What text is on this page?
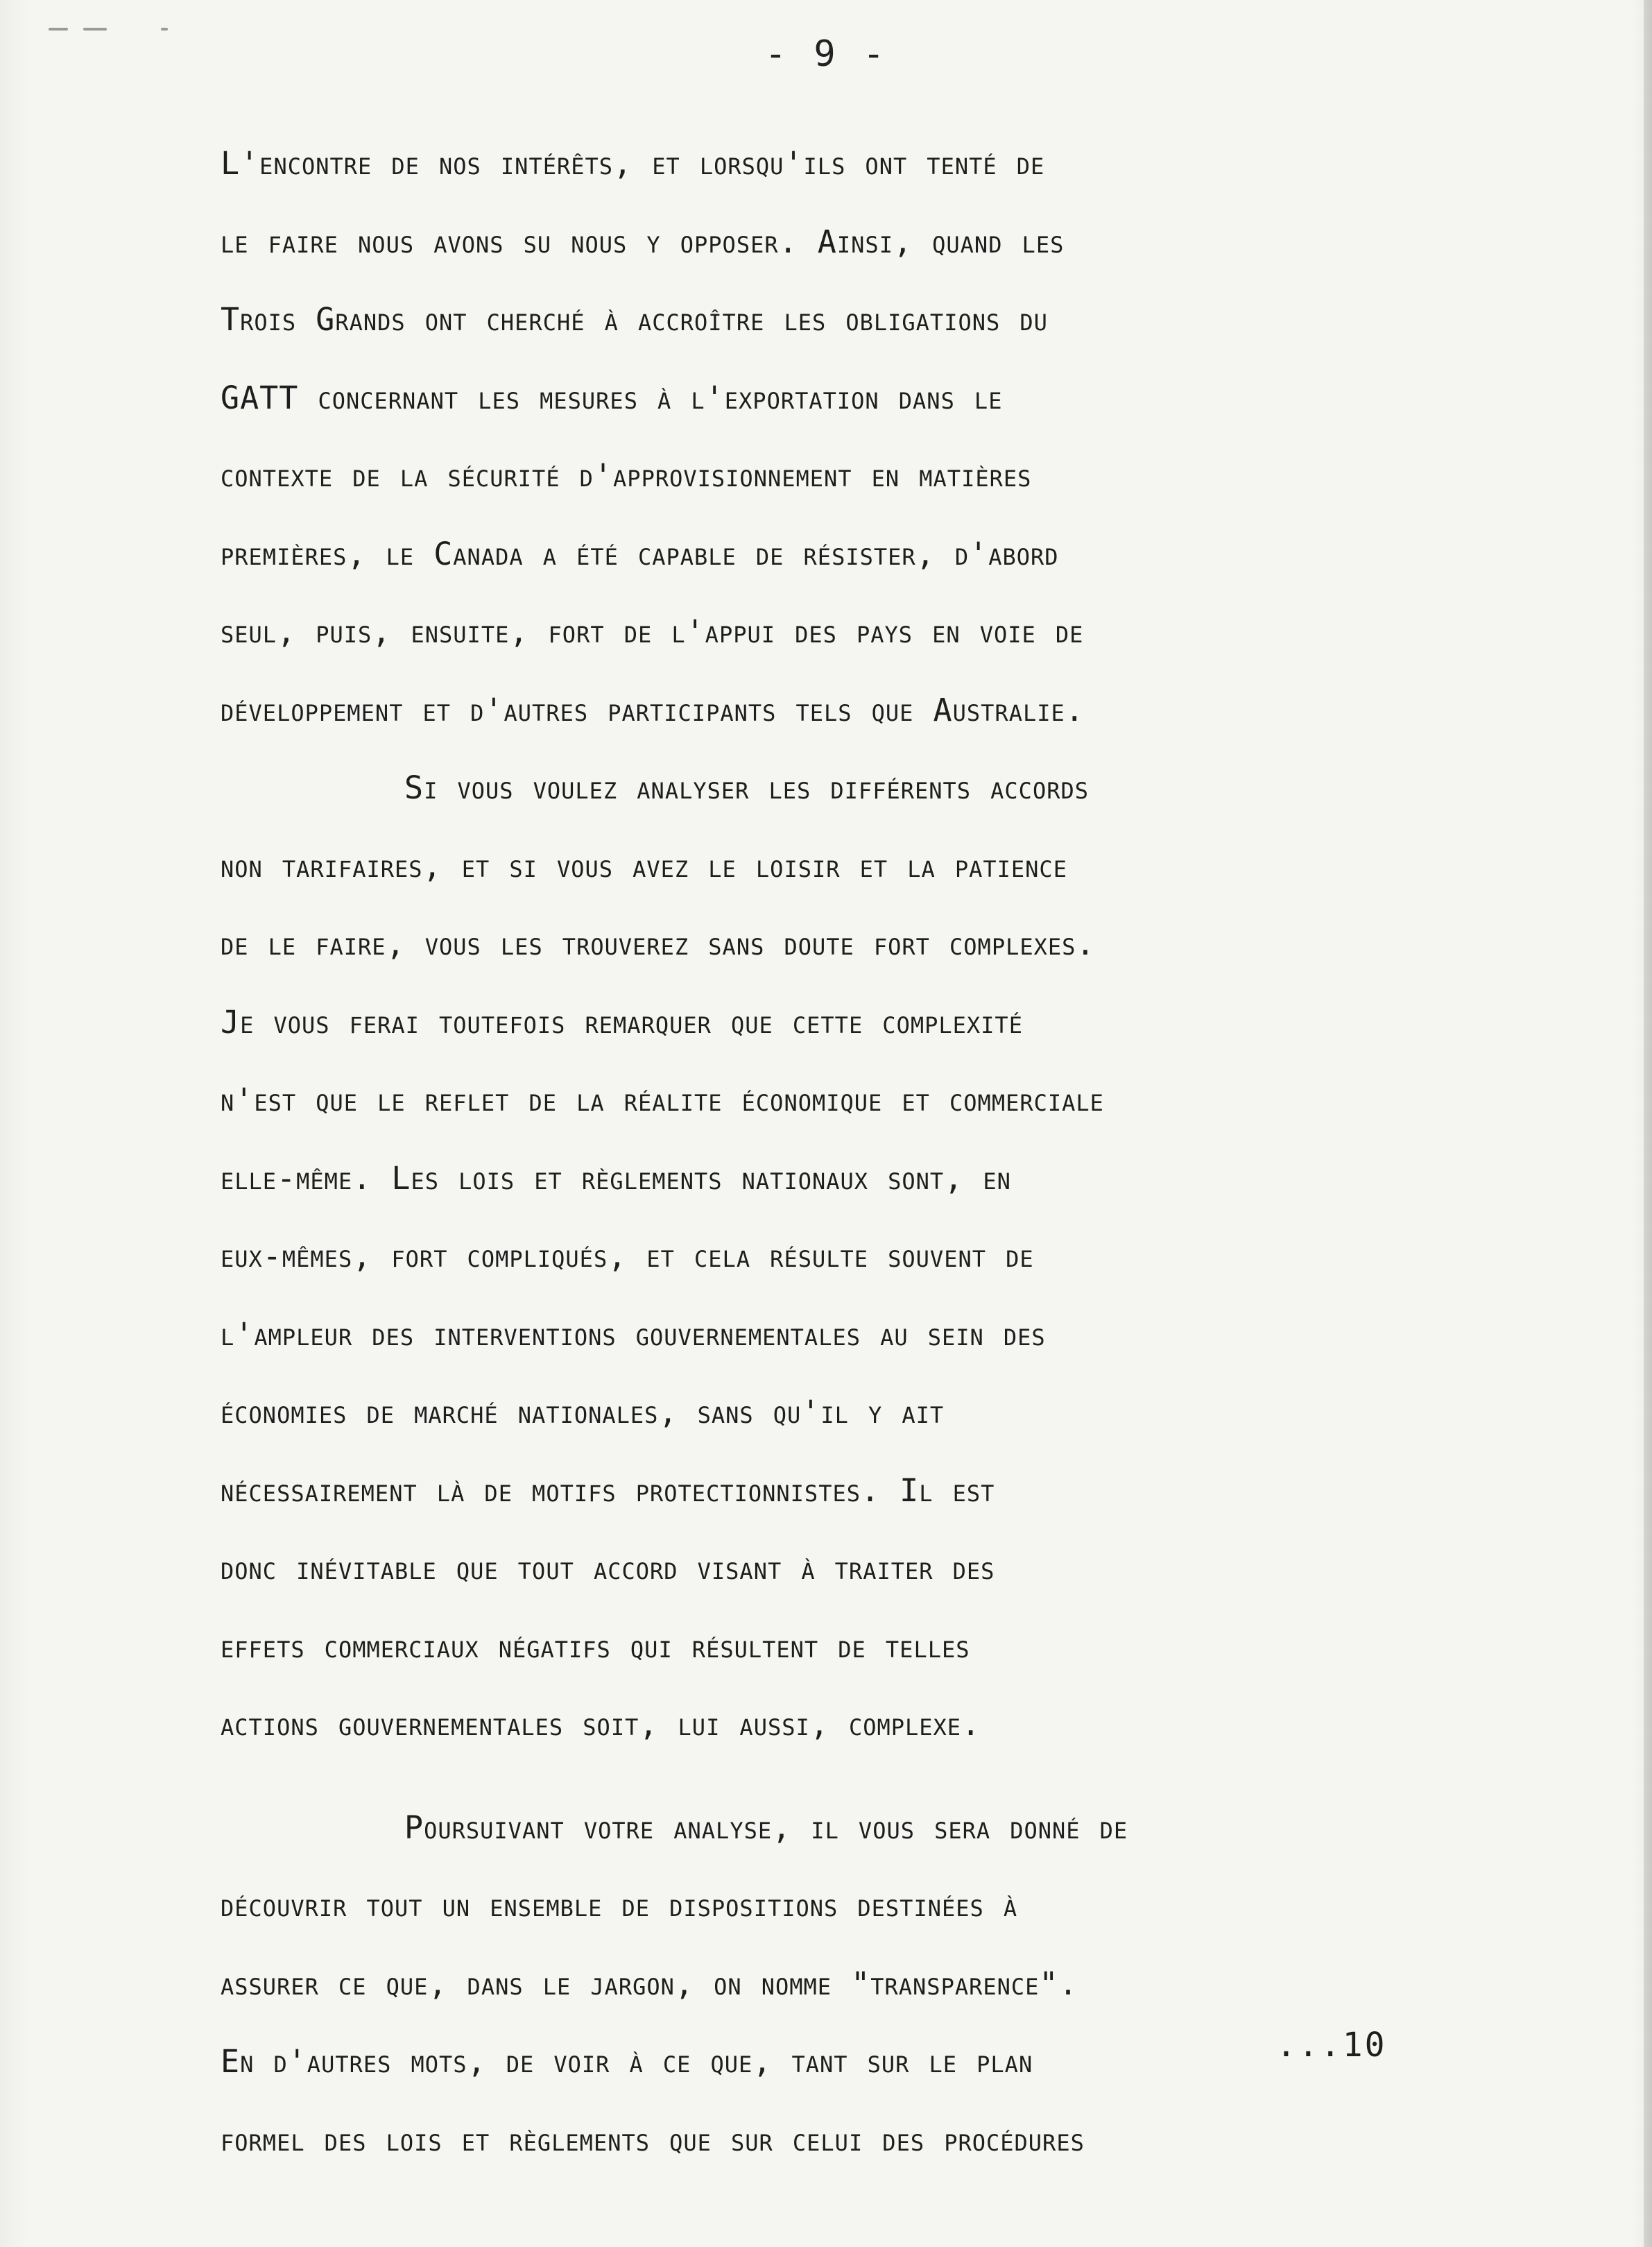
- 9 -
L'encontre de nos intérêts, et lorsqu'ils ont tenté de
le faire nous avons su nous y opposer. Ainsi, quand les
Trois Grands ont cherché à accroître les obligations du
GATT concernant les mesures à l'exportation dans le
contexte de la sécurité d'approvisionnement en matières
premières, le Canada a été capable de résister, d'abord
seul, puis, ensuite, fort de l'appui des pays en voie de
développement et d'autres participants tels que Australie.
Si vous voulez analyser les différents accords
non tarifaires, et si vous avez le loisir et la patience
de le faire, vous les trouverez sans doute fort complexes.
Je vous ferai toutefois remarquer que cette complexité
n'est que le reflet de la réalite économique et commerciale
elle-même. Les lois et règlements nationaux sont, en
eux-mêmes, fort compliqués, et cela résulte souvent de
l'ampleur des interventions gouvernementales au sein des
économies de marché nationales, sans qu'il y ait
nécessairement là de motifs protectionnistes. Il est
donc inévitable que tout accord visant à traiter des
effets commerciaux négatifs qui résultent de telles
actions gouvernementales soit, lui aussi, complexe.
Poursuivant votre analyse, il vous sera donné de
découvrir tout un ensemble de dispositions destinées à
assurer ce que, dans le jargon, on nomme "transparence".
En d'autres mots, de voir à ce que, tant sur le plan
formel des lois et règlements que sur celui des procédures
...10
